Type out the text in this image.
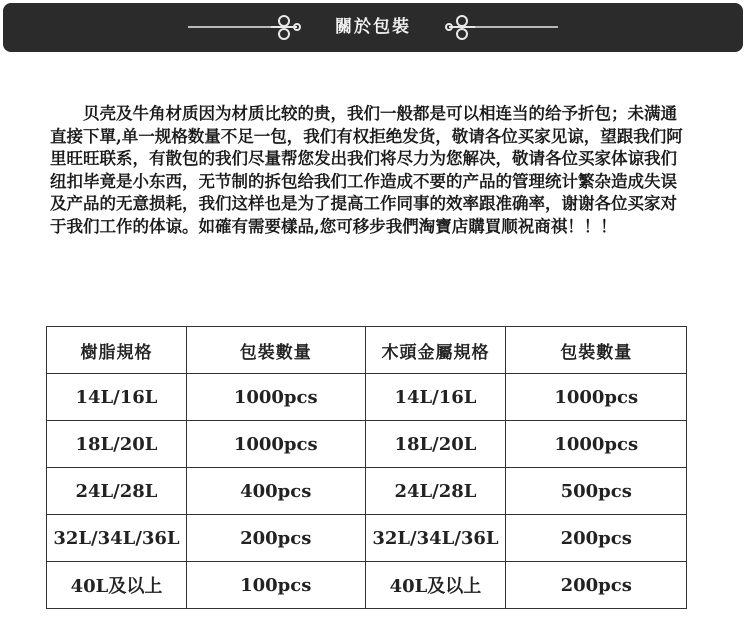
關於包裝
贝壳及牛角材质因为材质比较的贵，我们一般都是可以相连当的给予折包；未满通直接下單,单一规格数量不足一包，我们有权拒绝发货，敬请各位买家见谅，望跟我们阿里旺旺联系，有散包的我们尽量帮您发出我们将尽力为您解决，敬请各位买家体谅我们纽扣毕竟是小东西，无节制的拆包给我们工作造成不要的产品的管理统计繁杂造成失误及产品的无意损耗，我们这样也是为了提高工作同事的效率跟准确率，谢谢各位买家对于我们工作的体谅。如確有需要樣品,您可移步我們淘寶店購買顺祝商祺！！！
樹脂規格	包裝數量	木頭金屬規格	包裝數量
14L/16L	1000pcs	14L/16L	1000pcs
18L/20L	1000pcs	18L/20L	1000pcs
24L/28L	400pcs	24L/28L	500pcs
32L/34L/36L	200pcs	32L/34L/36L	200pcs
40L及以上	100pcs	40L及以上	200pcs
